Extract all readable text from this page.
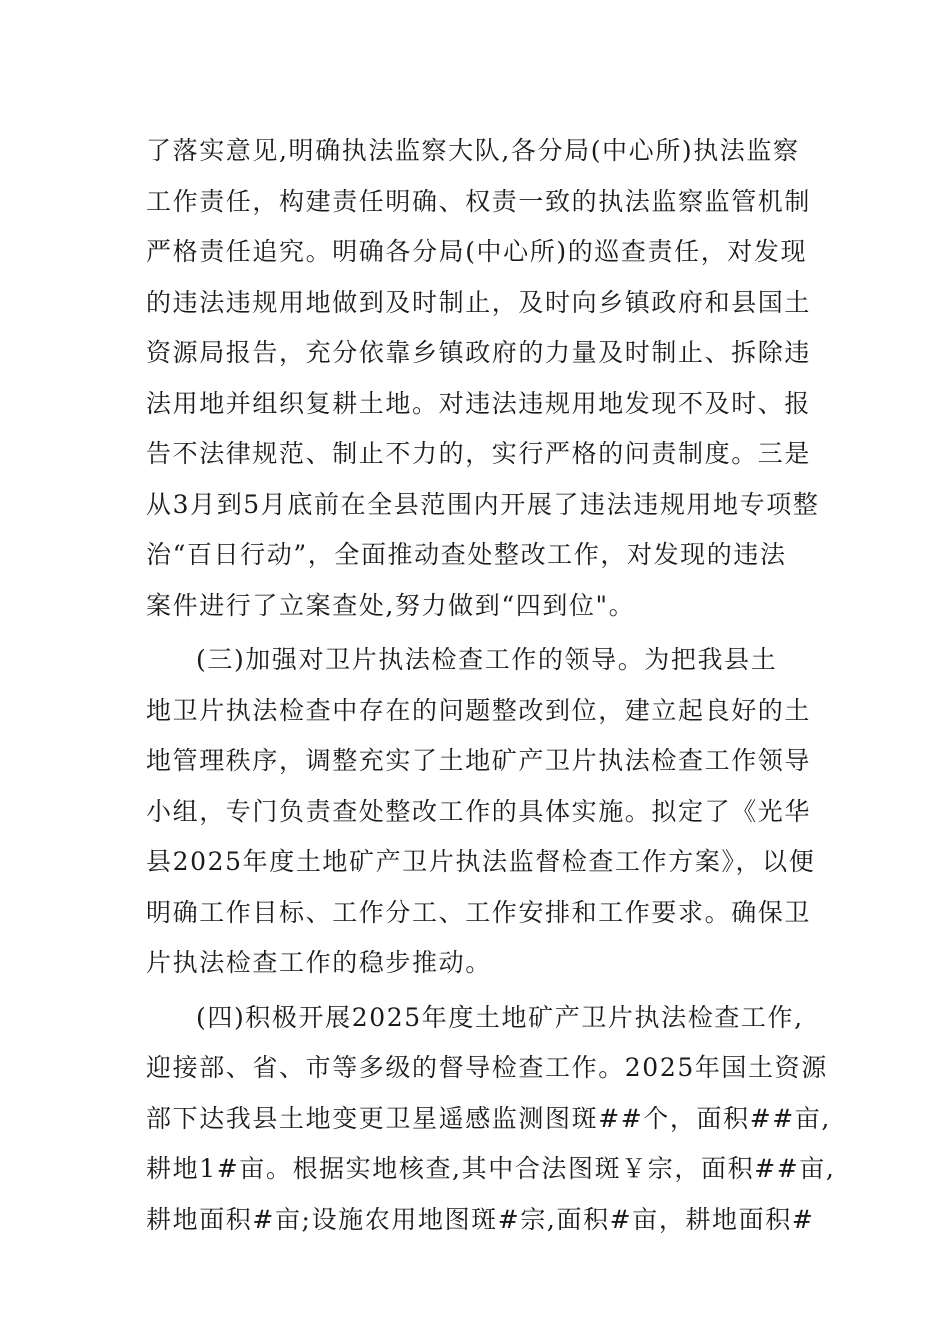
了落实意见,明确执法监察大队,各分局(中心所)执法监察
工作责任，构建责任明确、权责一致的执法监察监管机制
严格责任追究。明确各分局(中心所)的巡查责任，对发现
的违法违规用地做到及时制止，及时向乡镇政府和县国土
资源局报告，充分依靠乡镇政府的力量及时制止、拆除违
法用地并组织复耕土地。对违法违规用地发现不及时、报
告不法律规范、制止不力的，实行严格的问责制度。三是
从3月到5月底前在全县范围内开展了违法违规用地专项整
治“百日行动”，全面推动查处整改工作，对发现的违法
案件进行了立案查处,努力做到“四到位"。
(三)加强对卫片执法检查工作的领导。为把我县土
地卫片执法检查中存在的问题整改到位，建立起良好的土
地管理秩序，调整充实了土地矿产卫片执法检查工作领导
小组，专门负责查处整改工作的具体实施。拟定了《光华
县2025年度土地矿产卫片执法监督检查工作方案》，以便
明确工作目标、工作分工、工作安排和工作要求。确保卫
片执法检查工作的稳步推动。
(四)积极开展2025年度土地矿产卫片执法检查工作,
迎接部、省、市等多级的督导检查工作。2025年国土资源
部下达我县土地变更卫星遥感监测图斑##个，面积##亩,
耕地1#亩。根据实地核查,其中合法图斑￥宗，面积##亩,
耕地面积#亩;设施农用地图斑#宗,面积#亩，耕地面积#
